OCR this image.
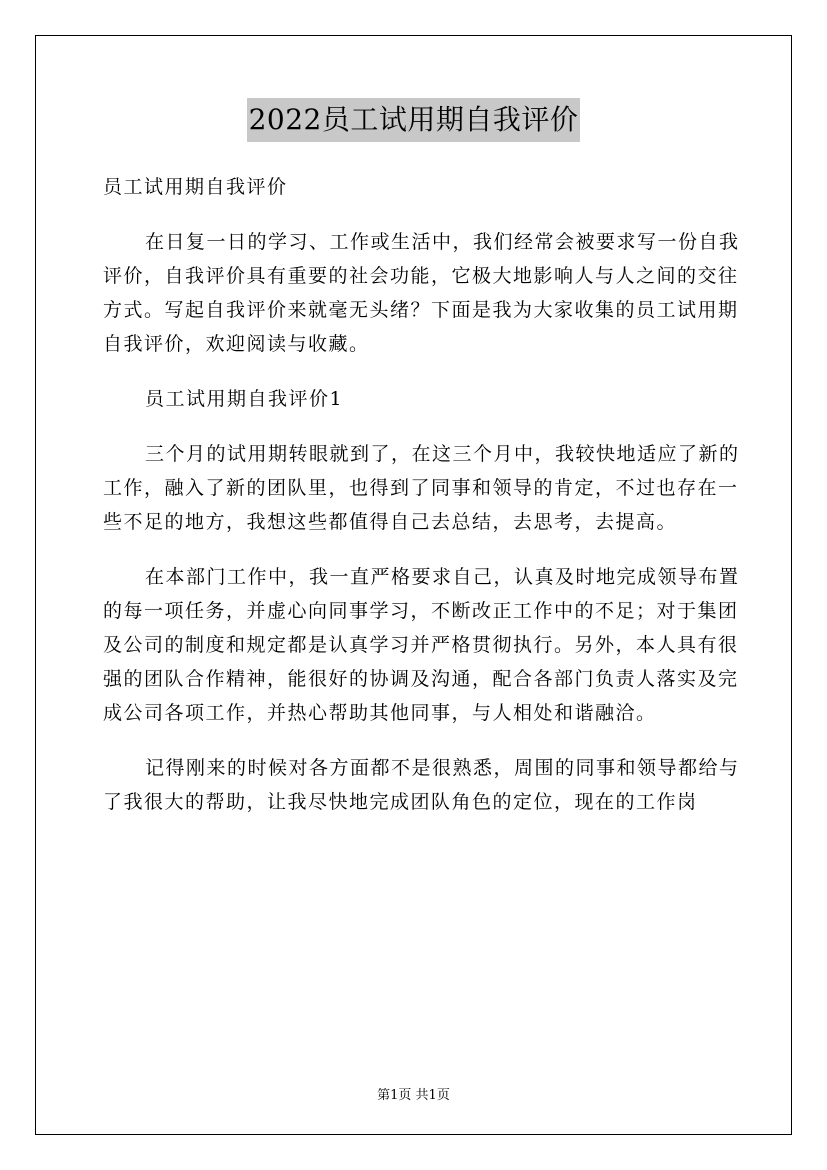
2022员工试用期自我评价

员工试用期自我评价

在日复一日的学习、工作或生活中，我们经常会被要求写一份自我评价，自我评价具有重要的社会功能，它极大地影响人与人之间的交往方式。写起自我评价来就毫无头绪？下面是我为大家收集的员工试用期自我评价，欢迎阅读与收藏。

员工试用期自我评价1

三个月的试用期转眼就到了，在这三个月中，我较快地适应了新的工作，融入了新的团队里，也得到了同事和领导的肯定，不过也存在一些不足的地方，我想这些都值得自己去总结，去思考，去提高。

在本部门工作中，我一直严格要求自己，认真及时地完成领导布置的每一项任务，并虚心向同事学习，不断改正工作中的不足；对于集团及公司的制度和规定都是认真学习并严格贯彻执行。另外，本人具有很强的团队合作精神，能很好的协调及沟通，配合各部门负责人落实及完成公司各项工作，并热心帮助其他同事，与人相处和谐融洽。

记得刚来的时候对各方面都不是很熟悉，周围的同事和领导都给与了我很大的帮助，让我尽快地完成团队角色的定位，现在的工作岗

第1页 共1页
